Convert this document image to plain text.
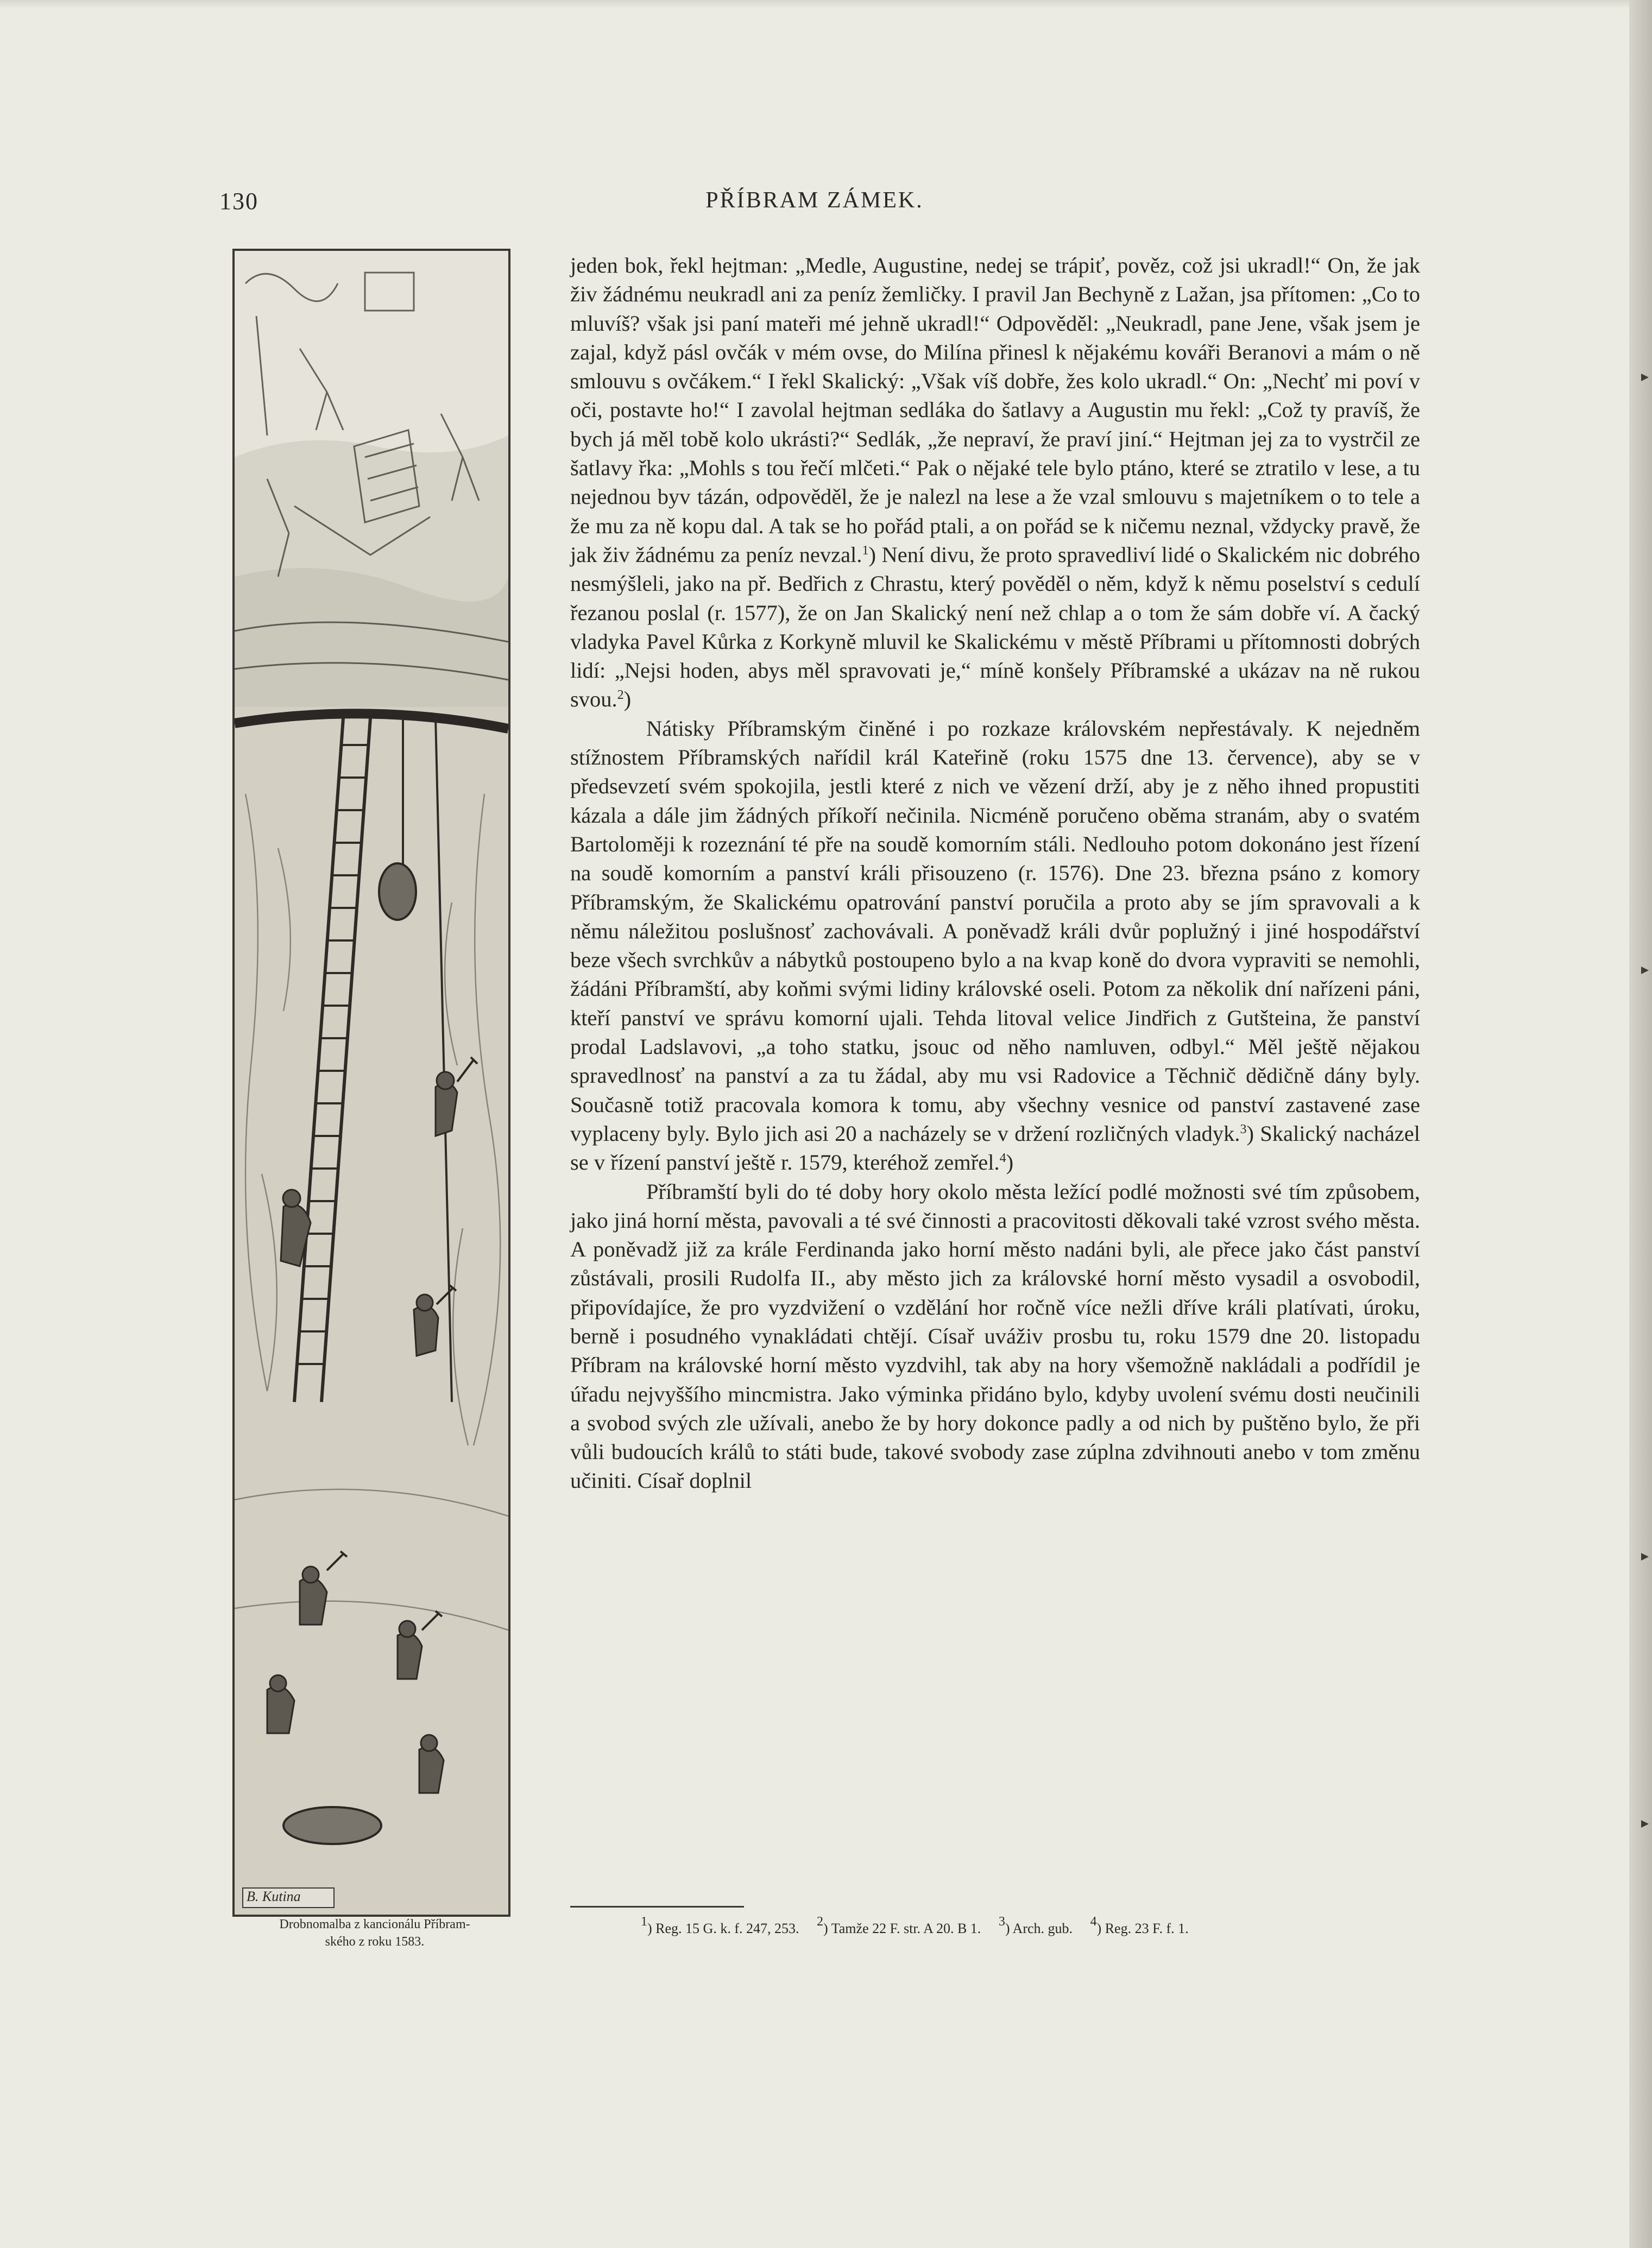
130	PŘÍBRAM ZÁMEK.
B. Kutina
Drobnomalba z kancionálu Příbram-
ského z roku 1583.

jeden bok, řekl hejtman: „Medle, Augustine, nedej se trápiť, pověz, což jsi ukradl!“ On, že jak živ žádnému neukradl ani za peníz žemličky. I pravil Jan Bechyně z Lažan, jsa přítomen: „Co to mluvíš? však jsi paní mateři mé jehně ukradl!“ Odpověděl: „Neukradl, pane Jene, však jsem je zajal, když pásl ovčák v mém ovse, do Milína přinesl k nějakému kováři Beranovi a mám o ně smlouvu s ovčákem.“ I řekl Skalický: „Však víš dobře, žes kolo ukradl.“ On: „Nechť mi poví v oči, postavte ho!“ I zavolal hejtman sedláka do šatlavy a Augustin mu řekl: „Což ty pravíš, že bych já měl tobě kolo ukrásti?“ Sedlák, „že nepraví, že praví jiní.“ Hejtman jej za to vystrčil ze šatlavy řka: „Mohls s tou řečí mlčeti.“ Pak o nějaké tele bylo ptáno, které se ztratilo v lese, a tu nejednou byv tázán, odpověděl, že je nalezl na lese a že vzal smlouvu s majetníkem o to tele a že mu za ně kopu dal. A tak se ho pořád ptali, a on pořád se k ničemu neznal, vždycky pravě, že jak živ žádnému za peníz nevzal.$^1$) Není divu, že proto spravedliví lidé o Skalickém nic dobrého nesmýšleli, jako na př. Bedřich z Chrastu, který pověděl o něm, když k němu poselství s cedulí řezanou poslal (r. 1577), že on Jan Skalický není než chlap a o tom že sám dobře ví. A čacký vladyka Pavel Kůrka z Korkyně mluvil ke Skalickému v městě Příbrami u přítomnosti dobrých lidí: „Nejsi hoden, abys měl spravovati je,“ míně konšely Příbramské a ukázav na ně rukou svou.$^2$)

Nátisky Příbramským činěné i po rozkaze královském nepřestávaly. K nejedněm stížnostem Příbramských nařídil král Kateřině (roku 1575 dne 13. července), aby se v předsevzetí svém spokojila, jestli které z nich ve vězení drží, aby je z něho ihned propustiti kázala a dále jim žádných příkoří nečinila. Nicméně poručeno oběma stranám, aby o svatém Bartoloměji k rozeznání té pře na soudě komorním stáli. Nedlouho potom dokonáno jest řízení na soudě komorním a panství králi přisouzeno (r. 1576). Dne 23. března psáno z komory Příbramským, že Skalickému opatrování panství poručila a proto aby se jím spravovali a k němu náležitou poslušnosť zachovávali. A poněvadž králi dvůr poplužný i jiné hospodářství beze všech svrchkův a nábytků postoupeno bylo a na kvap koně do dvora vypraviti se nemohli, žádáni Příbramští, aby koňmi svými lidiny královské oseli. Potom za několik dní nařízeni páni, kteří panství ve správu komorní ujali. Tehda litoval velice Jindřich z Gutšteina, že panství prodal Ladslavovi, „a toho statku, jsouc od něho namluven, odbyl.“ Měl ještě nějakou spravedlnosť na panství a za tu žádal, aby mu vsi Radovice a Těchnič dědičně dány byly. Současně totiž pracovala komora k tomu, aby všechny vesnice od panství zastavené zase vyplaceny byly. Bylo jich asi 20 a nacházely se v držení rozličných vladyk.$^3$) Skalický nacházel se v řízení panství ještě r. 1579, kteréhož zemřel.$^4$)

Příbramští byli do té doby hory okolo města ležící podlé možnosti své tím způsobem, jako jiná horní města, pavovali a té své činnosti a pracovitosti děkovali také vzrost svého města. A poněvadž již za krále Ferdinanda jako horní město nadáni byli, ale přece jako část panství zůstávali, prosili Rudolfa II., aby město jich za královské horní město vysadil a osvobodil, připovídajíce, že pro vyzdvižení o vzdělání hor ročně více nežli dříve králi platívati, úroku, berně i posudného vynakládati chtějí. Císař uváživ prosbu tu, roku 1579 dne 20. listopadu Příbram na královské horní město vyzdvihl, tak aby na hory všemožně nakládali a podřídil je úřadu nejvyššího mincmistra. Jako výminka přidáno bylo, kdyby uvolení svému dosti neučinili a svobod svých zle užívali, anebo že by hory dokonce padly a od nich by puštěno bylo, že při vůli budoucích králů to státi bude, takové svobody zase zúplna zdvihnouti anebo v tom změnu učiniti. Císař doplnil

$^1$) Reg. 15 G. k. f. 247, 253. $^2$) Tamže 22 F. str. A 20. B 1. $^3$) Arch. gub. $^4$) Reg. 23 F. f. 1.
